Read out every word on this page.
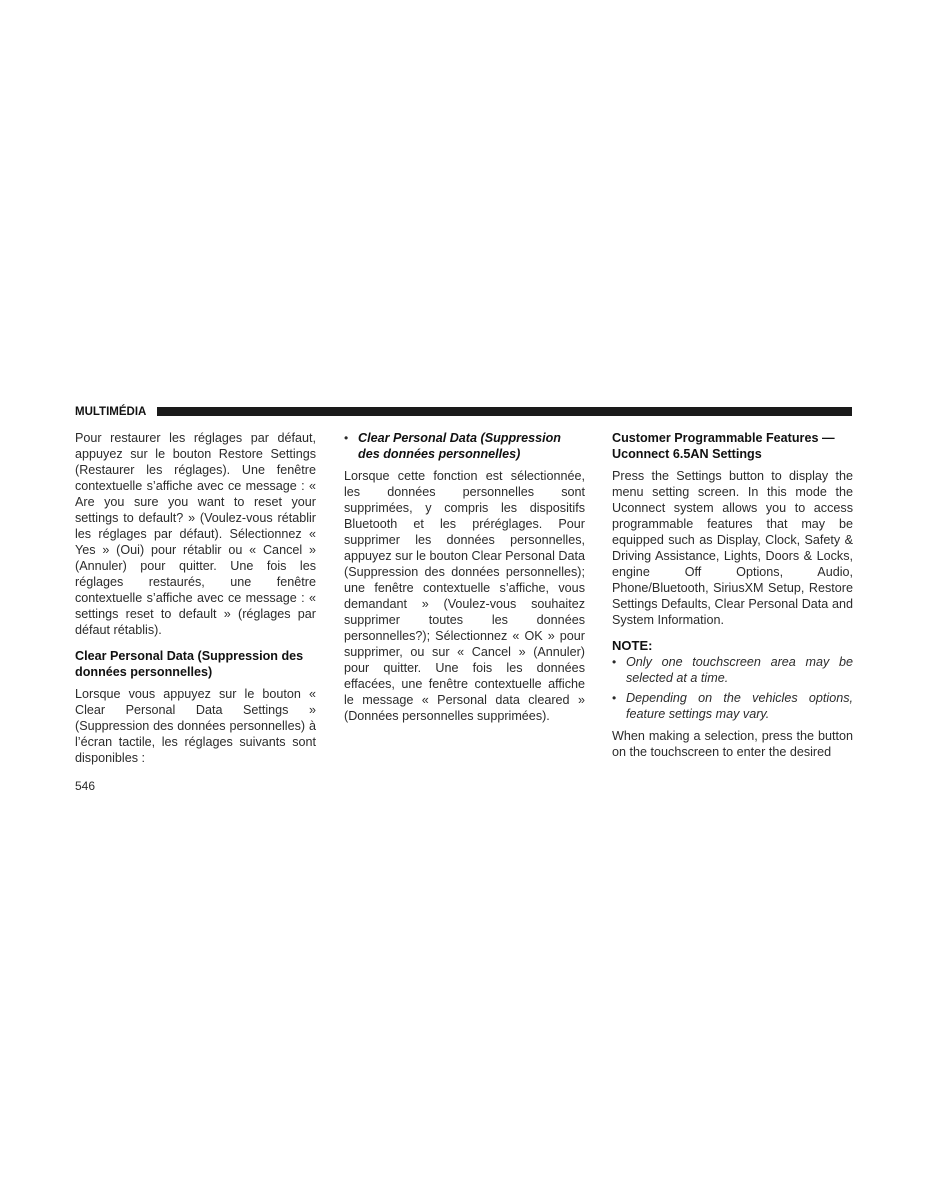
MULTIMÉDIA

Pour restaurer les réglages par défaut, appuyez sur le bouton Restore Settings (Restaurer les réglages). Une fenêtre contextuelle s’affiche avec ce message : « Are you sure you want to reset your settings to default? » (Voulez-vous rétablir les réglages par défaut). Sélectionnez « Yes » (Oui) pour rétablir ou « Cancel » (Annuler) pour quitter. Une fois les réglages restaurés, une fenêtre contextuelle s’affiche avec ce message : « settings reset to default » (réglages par défaut rétablis).

Clear Personal Data (Suppression des données personnelles)

Lorsque vous appuyez sur le bouton « Clear Personal Data Settings » (Suppression des données personnelles) à l’écran tactile, les réglages suivants sont disponibles :

• Clear Personal Data (Suppression des données personnelles)

Lorsque cette fonction est sélectionnée, les données personnelles sont supprimées, y compris les dispositifs Bluetooth et les préréglages. Pour supprimer les données personnelles, appuyez sur le bouton Clear Personal Data (Suppression des données personnelles); une fenêtre contextuelle s’affiche, vous demandant » (Voulez-vous souhaitez supprimer toutes les données personnelles?); Sélectionnez « OK » pour supprimer, ou sur « Cancel » (Annuler) pour quitter. Une fois les données effacées, une fenêtre contextuelle affiche le message « Personal data cleared » (Données personnelles supprimées).

Customer Programmable Features — Uconnect 6.5AN Settings

Press the Settings button to display the menu setting screen. In this mode the Uconnect system allows you to access programmable features that may be equipped such as Display, Clock, Safety & Driving Assistance, Lights, Doors & Locks, engine Off Options, Audio, Phone/Bluetooth, SiriusXM Setup, Restore Settings Defaults, Clear Personal Data and System Information.

NOTE:
• Only one touchscreen area may be selected at a time.
• Depending on the vehicles options, feature settings may vary.

When making a selection, press the button on the touchscreen to enter the desired

546
